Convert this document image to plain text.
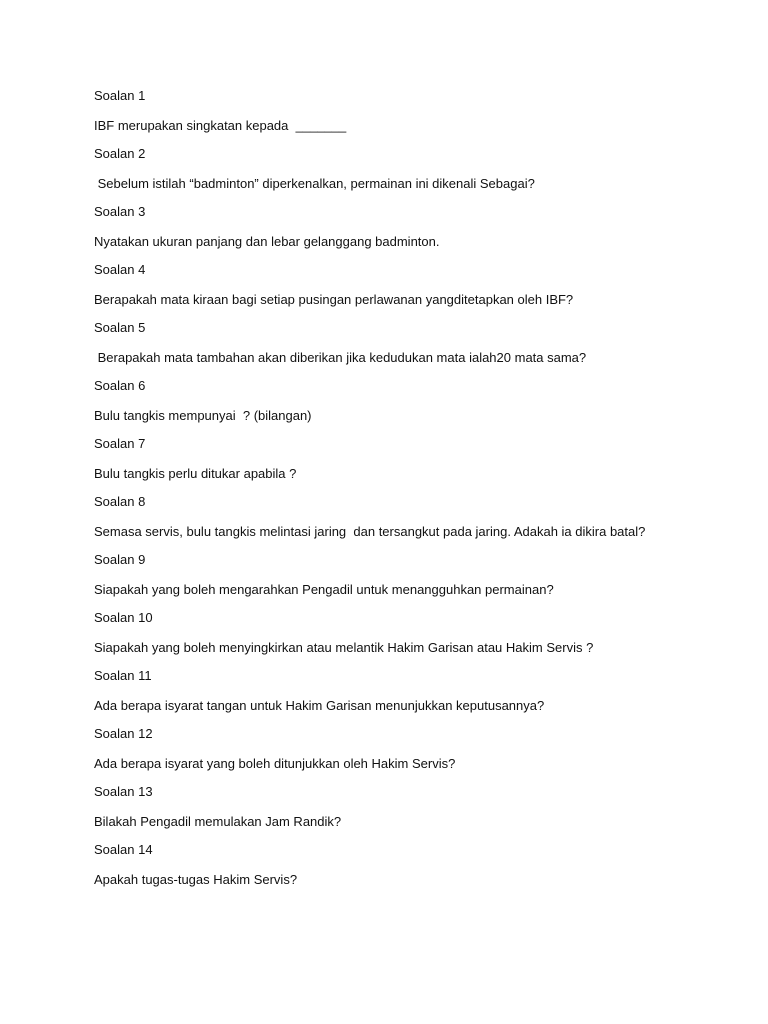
Soalan 1
IBF merupakan singkatan kepada  _______
Soalan 2
Sebelum istilah “badminton” diperkenalkan, permainan ini dikenali Sebagai?
Soalan 3
Nyatakan ukuran panjang dan lebar gelanggang badminton.
Soalan 4
Berapakah mata kiraan bagi setiap pusingan perlawanan yangditetapkan oleh IBF?
Soalan 5
Berapakah mata tambahan akan diberikan jika kedudukan mata ialah20 mata sama?
Soalan 6
Bulu tangkis mempunyai  ? (bilangan)
Soalan 7
Bulu tangkis perlu ditukar apabila ?
Soalan 8
Semasa servis, bulu tangkis melintasi jaring  dan tersangkut pada jaring. Adakah ia dikira batal?
Soalan 9
Siapakah yang boleh mengarahkan Pengadil untuk menangguhkan permainan?
Soalan 10
Siapakah yang boleh menyingkirkan atau melantik Hakim Garisan atau Hakim Servis ?
Soalan 11
Ada berapa isyarat tangan untuk Hakim Garisan menunjukkan keputusannya?
Soalan 12
Ada berapa isyarat yang boleh ditunjukkan oleh Hakim Servis?
Soalan 13
Bilakah Pengadil memulakan Jam Randik?
Soalan 14
Apakah tugas-tugas Hakim Servis?
